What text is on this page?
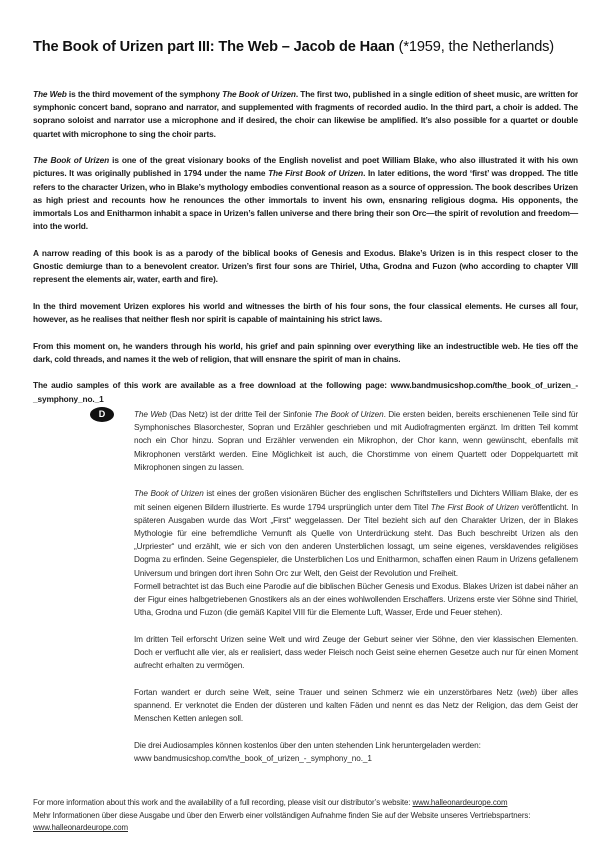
The Book of Urizen part III: The Web – Jacob de Haan (*1959, the Netherlands)

The Web is the third movement of the symphony The Book of Urizen. The first two, published in a single edition of sheet music, are written for symphonic concert band, soprano and narrator, and supplemented with fragments of recorded audio. In the third part, a choir is added. The soprano soloist and narrator use a microphone and if desired, the choir can likewise be amplified. It’s also possible for a quartet or double quartet with microphone to sing the choir parts.

The Book of Urizen is one of the great visionary books of the English novelist and poet William Blake, who also illustrated it with his own pictures. It was originally published in 1794 under the name The First Book of Urizen. In later editions, the word ‘first’ was dropped. The title refers to the character Urizen, who in Blake’s mythology embodies conventional reason as a source of oppression. The book describes Urizen as high priest and recounts how he renounces the other immortals to invent his own, ensnaring religious dogma. His opponents, the immortals Los and Enitharmon inhabit a space in Urizen’s fallen universe and there bring their son Orc—the spirit of revolution and freedom—into the world.

A narrow reading of this book is as a parody of the biblical books of Genesis and Exodus. Blake’s Urizen is in this respect closer to the Gnostic demiurge than to a benevolent creator. Urizen’s first four sons are Thiriel, Utha, Grodna and Fuzon (who according to chapter VIII represent the elements air, water, earth and fire).

In the third movement Urizen explores his world and witnesses the birth of his four sons, the four classical elements. He curses all four, however, as he realises that neither flesh nor spirit is capable of maintaining his strict laws.

From this moment on, he wanders through his world, his grief and pain spinning over everything like an indestructible web. He ties off the dark, cold threads, and names it the web of religion, that will ensnare the spirit of man in chains.

The audio samples of this work are available as a free download at the following page: www.bandmusicshop.com/the_book_of_urizen_-_symphony_no._1

D	The Web (Das Netz) ist der dritte Teil der Sinfonie The Book of Urizen. Die ersten beiden, bereits erschienenen Teile sind für Symphonisches Blasorchester, Sopran und Erzähler geschrieben und mit Audiofragmenten ergänzt. Im dritten Teil kommt noch ein Chor hinzu. Sopran und Erzähler verwenden ein Mikrophon, der Chor kann, wenn gewünscht, ebenfalls mit Mikrophonen verstärkt werden. Eine Möglichkeit ist auch, die Chorstimme von einem Quartett oder Doppelquartett mit Mikrophonen singen zu lassen.

The Book of Urizen ist eines der großen visionären Bücher des englischen Schriftstellers und Dichters William Blake, der es mit seinen eigenen Bildern illustrierte. Es wurde 1794 ursprünglich unter dem Titel The First Book of Urizen veröffentlicht. In späteren Ausgaben wurde das Wort „First“ weggelassen. Der Titel bezieht sich auf den Charakter Urizen, der in Blakes Mythologie für eine befremdliche Vernunft als Quelle von Unterdrückung steht. Das Buch beschreibt Urizen als den „Urpriester“ und erzählt, wie er sich von den anderen Unsterblichen lossagt, um seine eigenes, versklavendes religiöses Dogma zu erfinden. Seine Gegenspieler, die Unsterblichen Los und Enitharmon, schaffen einen Raum in Urizens gefallenem Universum und bringen dort ihren Sohn Orc zur Welt, den Geist der Revolution und Freiheit.

Formell betrachtet ist das Buch eine Parodie auf die biblischen Bücher Genesis und Exodus. Blakes Urizen ist dabei näher an der Figur eines halbgetriebenen Gnostikers als an der eines wohlwollenden Erschaffers. Urizens erste vier Söhne sind Thiriel, Utha, Grodna und Fuzon (die gemäß Kapitel VIII für die Elemente Luft, Wasser, Erde und Feuer stehen).

Im dritten Teil erforscht Urizen seine Welt und wird Zeuge der Geburt seiner vier Söhne, den vier klassischen Elementen. Doch er verflucht alle vier, als er realisiert, dass weder Fleisch noch Geist seine ehernen Gesetze auch nur für einen Moment aufrecht erhalten zu vermögen.

Fortan wandert er durch seine Welt, seine Trauer und seinen Schmerz wie ein unzerstörbares Netz (web) über alles spannend. Er verknotet die Enden der düsteren und kalten Fäden und nennt es das Netz der Religion, das dem Geist der Menschen Ketten anlegen soll.

Die drei Audiosamples können kostenlos über den unten stehenden Link heruntergeladen werden:

www bandmusicshop.com/the_book_of_urizen_-_symphony_no._1

For more information about this work and the availability of a full recording, please visit our distributor’s website: www.halleonardeurope.com
Mehr Informationen über diese Ausgabe und über den Erwerb einer vollständigen Aufnahme finden Sie auf der Website unseres Vertriebspartners: www.halleonardeurope.com
